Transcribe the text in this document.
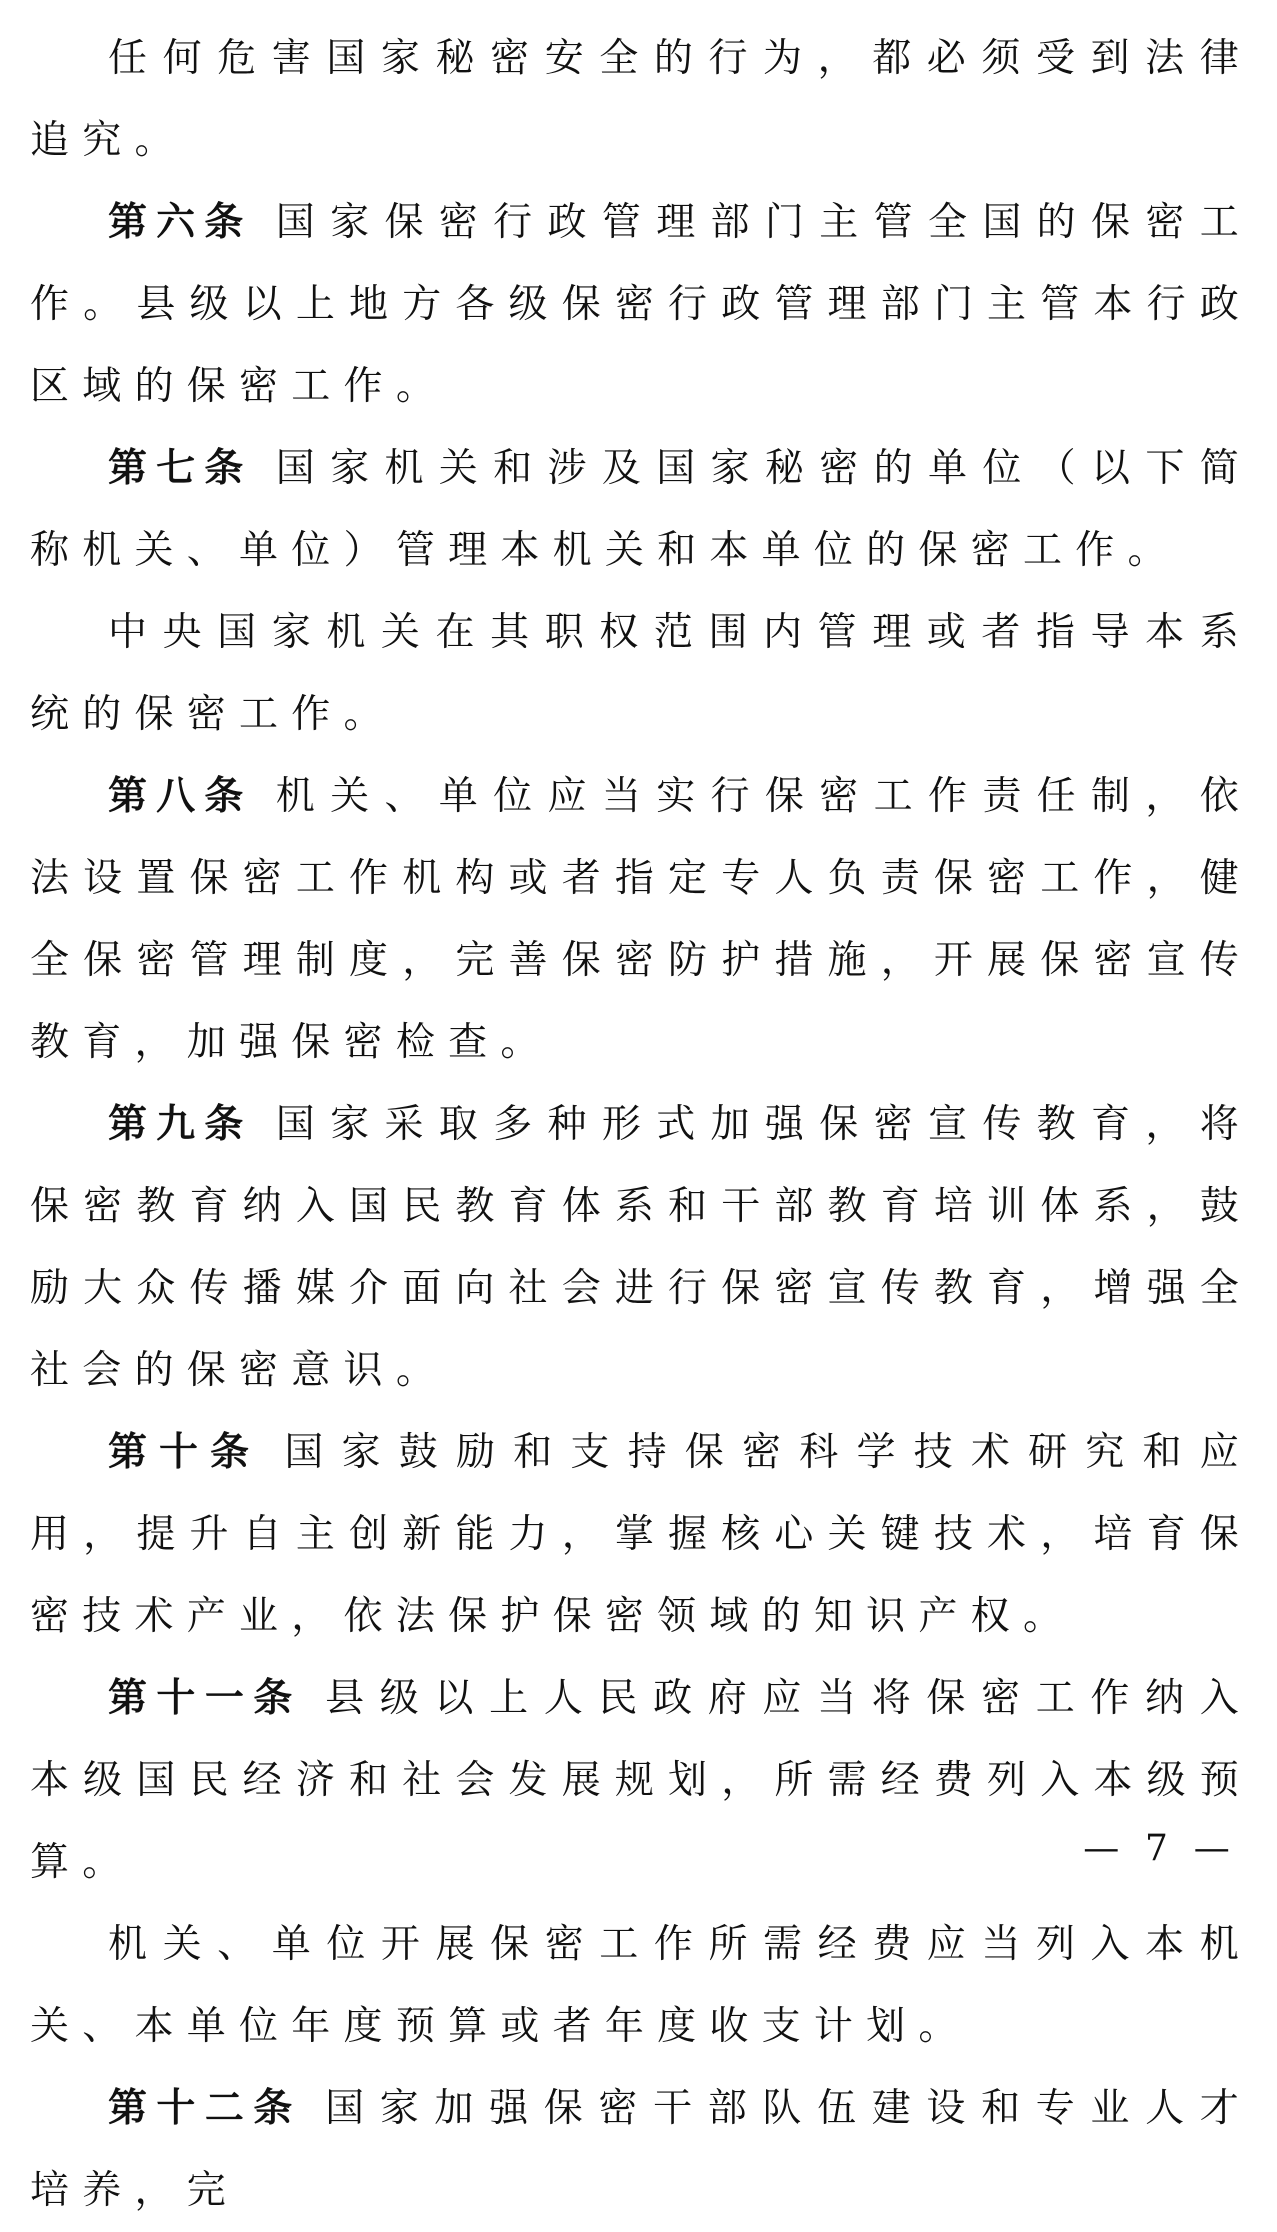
任何危害国家秘密安全的行为，都必须受到法律追究。

第六条 国家保密行政管理部门主管全国的保密工作。县级以上地方各级保密行政管理部门主管本行政区域的保密工作。

第七条 国家机关和涉及国家秘密的单位（以下简称机关、单位）管理本机关和本单位的保密工作。

中央国家机关在其职权范围内管理或者指导本系统的保密工作。

第八条 机关、单位应当实行保密工作责任制，依法设置保密工作机构或者指定专人负责保密工作，健全保密管理制度，完善保密防护措施，开展保密宣传教育，加强保密检查。

第九条 国家采取多种形式加强保密宣传教育，将保密教育纳入国民教育体系和干部教育培训体系，鼓励大众传播媒介面向社会进行保密宣传教育，增强全社会的保密意识。

第十条 国家鼓励和支持保密科学技术研究和应用，提升自主创新能力，掌握核心关键技术，培育保密技术产业，依法保护保密领域的知识产权。

第十一条 县级以上人民政府应当将保密工作纳入本级国民经济和社会发展规划，所需经费列入本级预算。

机关、单位开展保密工作所需经费应当列入本机关、本单位年度预算或者年度收支计划。

第十二条 国家加强保密干部队伍建设和专业人才培养，完

— 7 —
